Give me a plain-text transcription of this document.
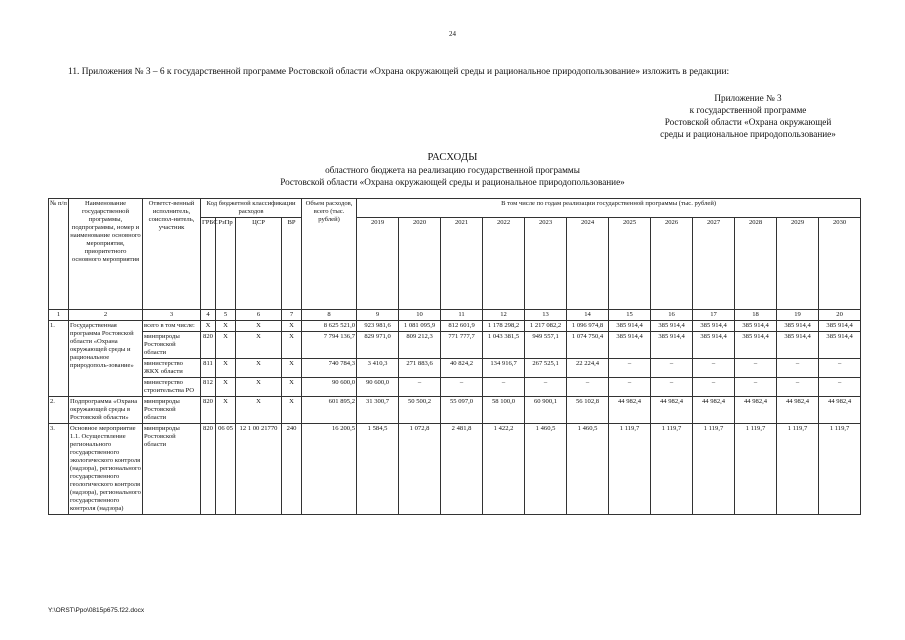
24
11. Приложения № 3 – 6 к государственной программе Ростовской области «Охрана окружающей среды и рациональное природопользование» изложить в редакции:
Приложение № 3
к государственной программе
Ростовской области «Охрана окружающей
среды и рациональное природопользование»
РАСХОДЫ
областного бюджета на реализацию государственной программы
Ростовской области «Охрана окружающей среды и рациональное природопользование»
№ п/п	Наименование государственной программы, подпрограммы, номер и наименование основного мероприятия, приоритетного основного мероприятия	Ответст-венный исполнитель, соиспол-нитель, участник	Код бюджетной классификации расходов				Объем расходов, всего (тыс. рублей)	В том числе по годам реализации государственной программы (тыс. рублей)											
			ГРБС	РзПр	ЦСР	ВР		2019	2020	2021	2022	2023	2024	2025	2026	2027	2028	2029	2030
1	2	3	4	5	6	7	8	9	10	11	12	13	14	15	16	17	18	19	20
1.	Государственная программа Ростовской области «Охрана окружающей среды и рациональное природополь-зование»	всего в том числе:	Х	Х	Х	Х	8 625 521,0	923 981,6	1 081 095,9	812 601,9	1 178 298,2	1 217 082,2	1 096 974,8	385 914,4	385 914,4	385 914,4	385 914,4	385 914,4	385 914,4
		минприроды Ростовской области	820	Х	Х	Х	7 794 136,7	829 971,0	809 212,3	771 777,7	1 043 381,5	949 557,1	1 074 750,4	385 914,4	385 914,4	385 914,4	385 914,4	385 914,4	385 914,4
		министерство ЖКХ области	811	Х	Х	Х	740 784,3	3 410,3	271 883,6	40 824,2	134 916,7	267 525,1	22 224,4	–	–	–	–	–	–
		министерство строительства РО	812	Х	Х	Х	90 600,0	90 600,0	–	–	–	–	–	–	–	–	–	–	–
2.	Подпрограмма «Охрана окружающей среды в Ростовской области»	минприроды Ростовской области	820	Х	Х	Х	601 895,2	31 300,7	50 500,2	55 097,0	58 100,0	60 900,1	56 102,8	44 982,4	44 982,4	44 982,4	44 982,4	44 982,4	44 982,4
3.	Основное мероприятие 1.1. Осуществление регионального государственного экологического контроля (надзора), регионального государственного геологического контроля (надзора), регионального государственного контроля (надзора)	минприроды Ростовской области	820	06 05	12 1 00 21770	240	16 200,5	1 584,5	1 072,8	2 481,8	1 422,2	1 460,5	1 460,5	1 119,7	1 119,7	1 119,7	1 119,7	1 119,7	1 119,7
Y:\ORST\Ppo\0815p675.f22.docx
